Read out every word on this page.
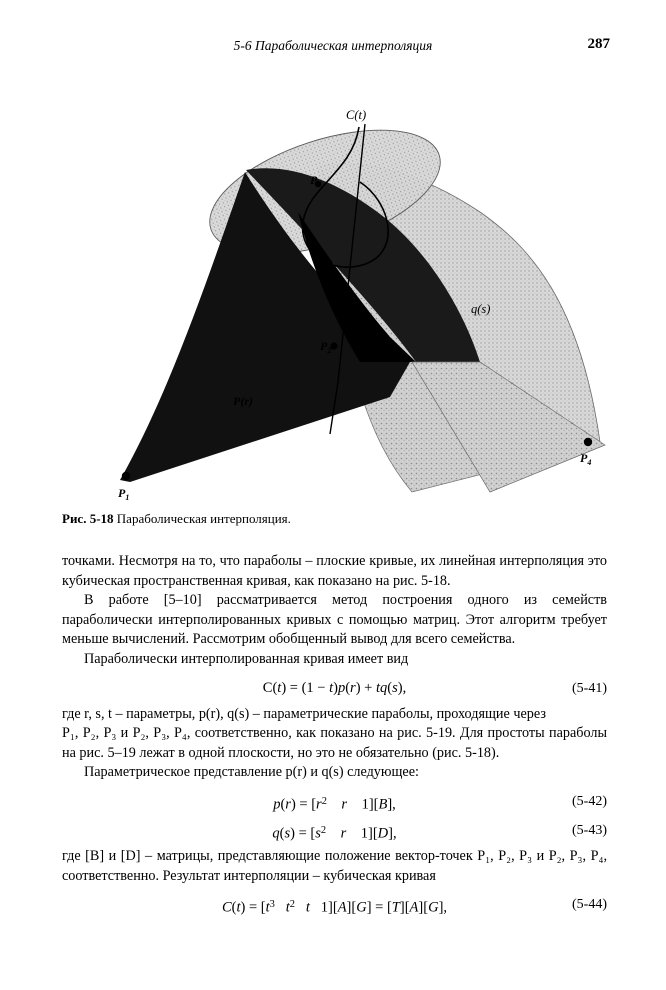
5-6 Параболическая интерполяция	287
C(t)
P(r)
q(s)
$P_1$
$P_2$
$P_3$
$P_4$
Рис. 5-18 Параболическая интерполяция.

точками. Несмотря на то, что параболы – плоские кривые, их линейная интерполяция это кубическая пространственная кривая, как показано на рис. 5-18.

В работе [5–10] рассматривается метод построения одного из семейств параболически интерполированных кривых с помощью матриц. Этот алгоритм требует меньше вычислений. Рассмотрим обобщенный вывод для всего семейства.

Параболически интерполированная кривая имеет вид

C(t) = (1 − t)p(r) + tq(s),	(5-41)

где r, s, t – параметры, p(r), q(s) – параметрические параболы, проходящие через

P₁, P₂, P₃ и P₂, P₃, P₄, соответственно, как показано на рис. 5-19. Для простоты параболы на рис. 5–19 лежат в одной плоскости, но это не обязательно (рис. 5-18).

Параметрическое представление p(r) и q(s) следующее:

$p(r) = [r^2$ r    1][B],	(5-42)
$q(s) = [s^2$ r    1][D],	(5-43)

где [B] и [D] – матрицы, представляющие положение вектор-точек P₁, P₂, P₃ и P₂, P₃, P₄, соответственно. Результат интерполяции – кубическая кривая

$C(t) = [t^3$ $t^2$ t   1][A][G] = [T][A][G],	(5-44)
